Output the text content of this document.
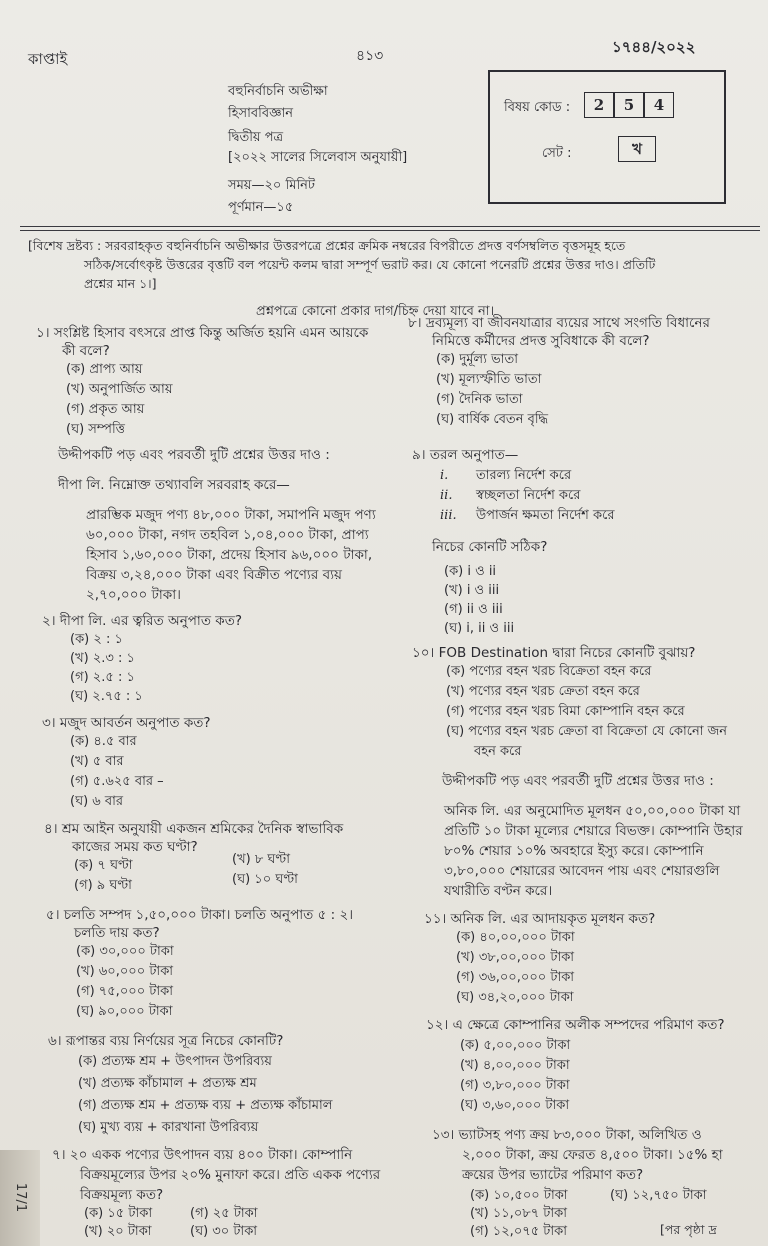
কাপ্তাই	৪১৩	১৭৪৪/২০২২
বহুনির্বাচনি অভীক্ষা
হিসাববিজ্ঞান
দ্বিতীয় পত্র
[২০২২ সালের সিলেবাস অনুযায়ী]
সময়—২০ মিনিট
পূর্ণমান—১৫
বিষয় কোড :	2 5 4
সেট :	খ
[বিশেষ দ্রষ্টব্য : সরবরাহকৃত বহুনির্বাচনি অভীক্ষার উত্তরপত্রে প্রশ্নের ক্রমিক নম্বরের বিপরীতে প্রদত্ত বর্ণসম্বলিত বৃত্তসমূহ হতে
সঠিক/সর্বোৎকৃষ্ট উত্তরের বৃত্তটি বল পয়েন্ট কলম দ্বারা সম্পূর্ণ ভরাট কর। যে কোনো পনেরটি প্রশ্নের উত্তর দাও। প্রতিটি
প্রশ্নের মান ১।]
প্রশ্নপত্রে কোনো প্রকার দাগ/চিহ্ন দেয়া যাবে না।
১। সংশ্লিষ্ট হিসাব বৎসরে প্রাপ্ত কিন্তু অর্জিত হয়নি এমন আয়কে
কী বলে?
(ক) প্রাপ্য আয়
(খ) অনুপার্জিত আয়
(গ) প্রকৃত আয়
(ঘ) সম্পত্তি
উদ্দীপকটি পড় এবং পরবর্তী দুটি প্রশ্নের উত্তর দাও :
দীপা লি. নিম্নোক্ত তথ্যাবলি সরবরাহ করে—
প্রারম্ভিক মজুদ পণ্য ৪৮,০০০ টাকা, সমাপনি মজুদ পণ্য
৬০,০০০ টাকা, নগদ তহবিল ১,০৪,০০০ টাকা, প্রাপ্য
হিসাব ১,৬০,০০০ টাকা, প্রদেয় হিসাব ৯৬,০০০ টাকা,
বিক্রয় ৩,২৪,০০০ টাকা এবং বিক্রীত পণ্যের ব্যয়
২,৭০,০০০ টাকা।
২। দীপা লি. এর ত্বরিত অনুপাত কত?
(ক) ২ : ১
(খ) ২.৩ : ১
(গ) ২.৫ : ১
(ঘ) ২.৭৫ : ১
৩। মজুদ আবর্তন অনুপাত কত?
(ক) ৪.৫ বার
(খ) ৫ বার
(গ) ৫.৬২৫ বার –
(ঘ) ৬ বার
৪। শ্রম আইন অনুযায়ী একজন শ্রমিকের দৈনিক স্বাভাবিক
কাজের সময় কত ঘণ্টা?
(ক) ৭ ঘণ্টা	(খ) ৮ ঘণ্টা
(গ) ৯ ঘণ্টা	(ঘ) ১০ ঘণ্টা
৫। চলতি সম্পদ ১,৫০,০০০ টাকা। চলতি অনুপাত ৫ : ২।
চলতি দায় কত?
(ক) ৩০,০০০ টাকা
(খ) ৬০,০০০ টাকা
(গ) ৭৫,০০০ টাকা
(ঘ) ৯০,০০০ টাকা
৬। রূপান্তর ব্যয় নির্ণয়ের সূত্র নিচের কোনটি?
(ক) প্রত্যক্ষ শ্রম + উৎপাদন উপরিব্যয়
(খ) প্রত্যক্ষ কাঁচামাল + প্রত্যক্ষ শ্রম
(গ) প্রত্যক্ষ শ্রম + প্রত্যক্ষ ব্যয় + প্রত্যক্ষ কাঁচামাল
(ঘ) মুখ্য ব্যয় + কারখানা উপরিব্যয়
৭। ২০ একক পণ্যের উৎপাদন ব্যয় ৪০০ টাকা। কোম্পানি
বিক্রয়মূল্যের উপর ২০% মুনাফা করে। প্রতি একক পণ্যের
বিক্রয়মূল্য কত?
৮। দ্রব্যমূল্য বা জীবনযাত্রার ব্যয়ের সাথে সংগতি বিধানের
নিমিত্তে কর্মীদের প্রদত্ত সুবিধাকে কী বলে?
(ক) দুর্মূল্য ভাতা
(খ) মূল্যস্ফীতি ভাতা
(গ) দৈনিক ভাতা
(ঘ) বার্ষিক বেতন বৃদ্ধি
৯। তরল অনুপাত—
i. তারল্য নির্দেশ করে
ii. স্বচ্ছলতা নির্দেশ করে
iii. উপার্জন ক্ষমতা নির্দেশ করে
নিচের কোনটি সঠিক?
(ক) i ও ii
(খ) i ও iii
(গ) ii ও iii
(ঘ) i, ii ও iii
১০। FOB Destination দ্বারা নিচের কোনটি বুঝায়?
(ক) পণ্যের বহন খরচ বিক্রেতা বহন করে
(খ) পণ্যের বহন খরচ ক্রেতা বহন করে
(গ) পণ্যের বহন খরচ বিমা কোম্পানি বহন করে
(ঘ) পণ্যের বহন খরচ ক্রেতা বা বিক্রেতা যে কোনো জন
বহন করে
উদ্দীপকটি পড় এবং পরবর্তী দুটি প্রশ্নের উত্তর দাও :
অনিক লি. এর অনুমোদিত মূলধন ৫০,০০,০০০ টাকা যা
প্রতিটি ১০ টাকা মূল্যের শেয়ারে বিভক্ত। কোম্পানি উহার
৮০% শেয়ার ১০% অবহারে ইস্যু করে। কোম্পানি
৩,৮০,০০০ শেয়ারের আবেদন পায় এবং শেয়ারগুলি
যথারীতি বণ্টন করে।
১১। অনিক লি. এর আদায়কৃত মূলধন কত?
(ক) ৪০,০০,০০০ টাকা
(খ) ৩৮,০০,০০০ টাকা
(গ) ৩৬,০০,০০০ টাকা
(ঘ) ৩৪,২০,০০০ টাকা
১২। এ ক্ষেত্রে কোম্পানির অলীক সম্পদের পরিমাণ কত?
(ক) ৫,০০,০০০ টাকা
(খ) ৪,০০,০০০ টাকা
(গ) ৩,৮০,০০০ টাকা
(ঘ) ৩,৬০,০০০ টাকা
১৩। ভ্যাটসহ পণ্য ক্রয় ৮৩,০০০ টাকা, অলিখিত ও
২,০০০ টাকা, ক্রয় ফেরত ৪,৫০০ টাকা। ১৫% হা
ক্রয়ের উপর ভ্যাটের পরিমাণ কত?
(ক) ১৫ টাকা
(খ) ২০ টাকা
(গ) ২৫ টাকা
(ঘ) ৩০ টাকা
(ক) ১০,৫০০ টাকা
(খ) ১১,০৮৭ টাকা
(গ) ১২,০৭৫ টাকা
(ঘ) ১২,৭৫০ টাকা
[পর পৃষ্ঠা দ্র
17/1
